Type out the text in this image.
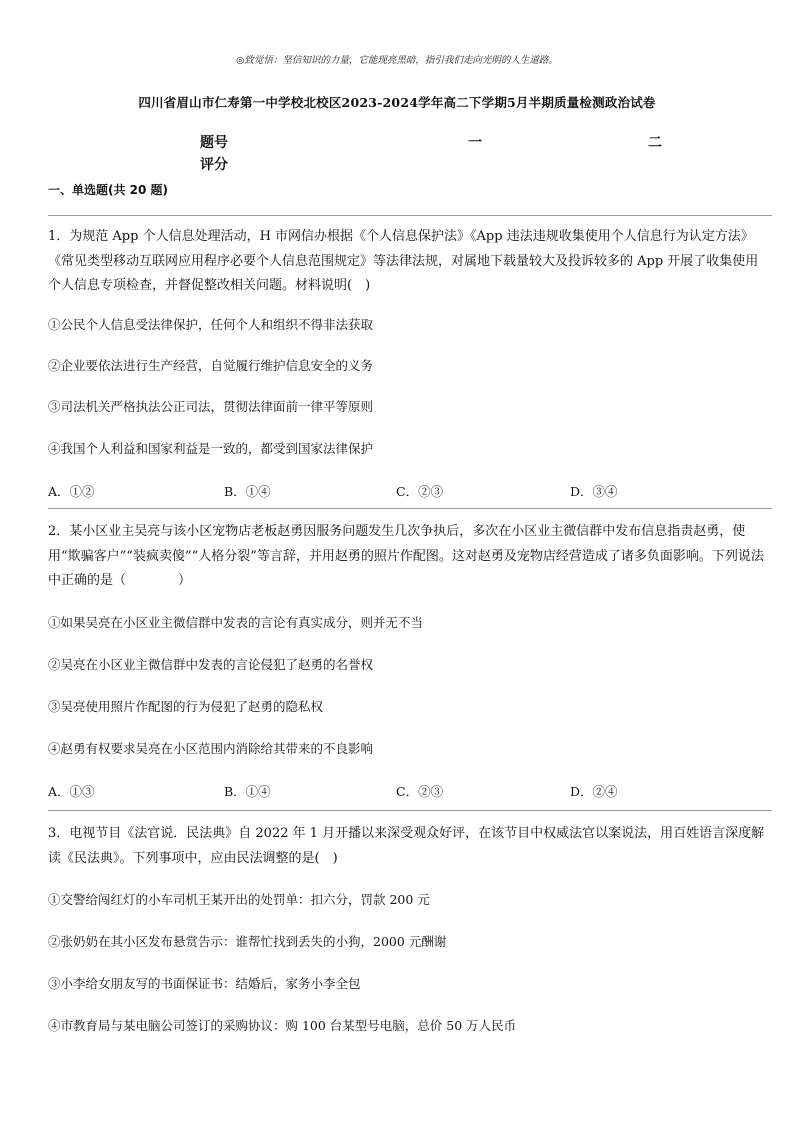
◎致觉悟：坚信知识的力量，它能现亮黑暗，指引我们走向光明的人生道路。
四川省眉山市仁寿第一中学校北校区2023-2024学年高二下学期5月半期质量检测政治试卷
题号	一	二
评分
一、单选题(共 20 题)
1．为规范 App 个人信息处理活动，H 市网信办根据《个人信息保护法》《App 违法违规收集使用个人信息行为认定方法》《常见类型移动互联网应用程序必要个人信息范围规定》等法律法规，对属地下载量较大及投诉较多的 App 开展了收集使用个人信息专项检查，并督促整改相关问题。材料说明(　)
①公民个人信息受法律保护，任何个人和组织不得非法获取
②企业要依法进行生产经营，自觉履行维护信息安全的义务
③司法机关严格执法公正司法，贯彻法律面前一律平等原则
④我国个人利益和国家利益是一致的，都受到国家法律保护
A．①②	B．①④	C．②③	D．③④
2．某小区业主吴亮与该小区宠物店老板赵勇因服务问题发生几次争执后，多次在小区业主微信群中发布信息指责赵勇，使用“欺骗客户”“装疯卖傻”“人格分裂”等言辞，并用赵勇的照片作配图。这对赵勇及宠物店经营造成了诸多负面影响。下列说法中正确的是（　　　　）
①如果吴亮在小区业主微信群中发表的言论有真实成分，则并无不当
②吴亮在小区业主微信群中发表的言论侵犯了赵勇的名誉权
③吴亮使用照片作配图的行为侵犯了赵勇的隐私权
④赵勇有权要求吴亮在小区范围内消除给其带来的不良影响
A．①③	B．①④	C．②③	D．②④
3．电视节目《法官说．民法典》自 2022 年 1 月开播以来深受观众好评，在该节目中权威法官以案说法，用百姓语言深度解读《民法典》。下列事项中，应由民法调整的是(　)
①交警给闯红灯的小车司机王某开出的处罚单：扣六分，罚款 200 元
②张奶奶在其小区发布悬赏告示：谁帮忙找到丢失的小狗，2000 元酬谢
③小李给女朋友写的书面保证书：结婚后，家务小李全包
④市教育局与某电脑公司签订的采购协议：购 100 台某型号电脑，总价 50 万人民币
